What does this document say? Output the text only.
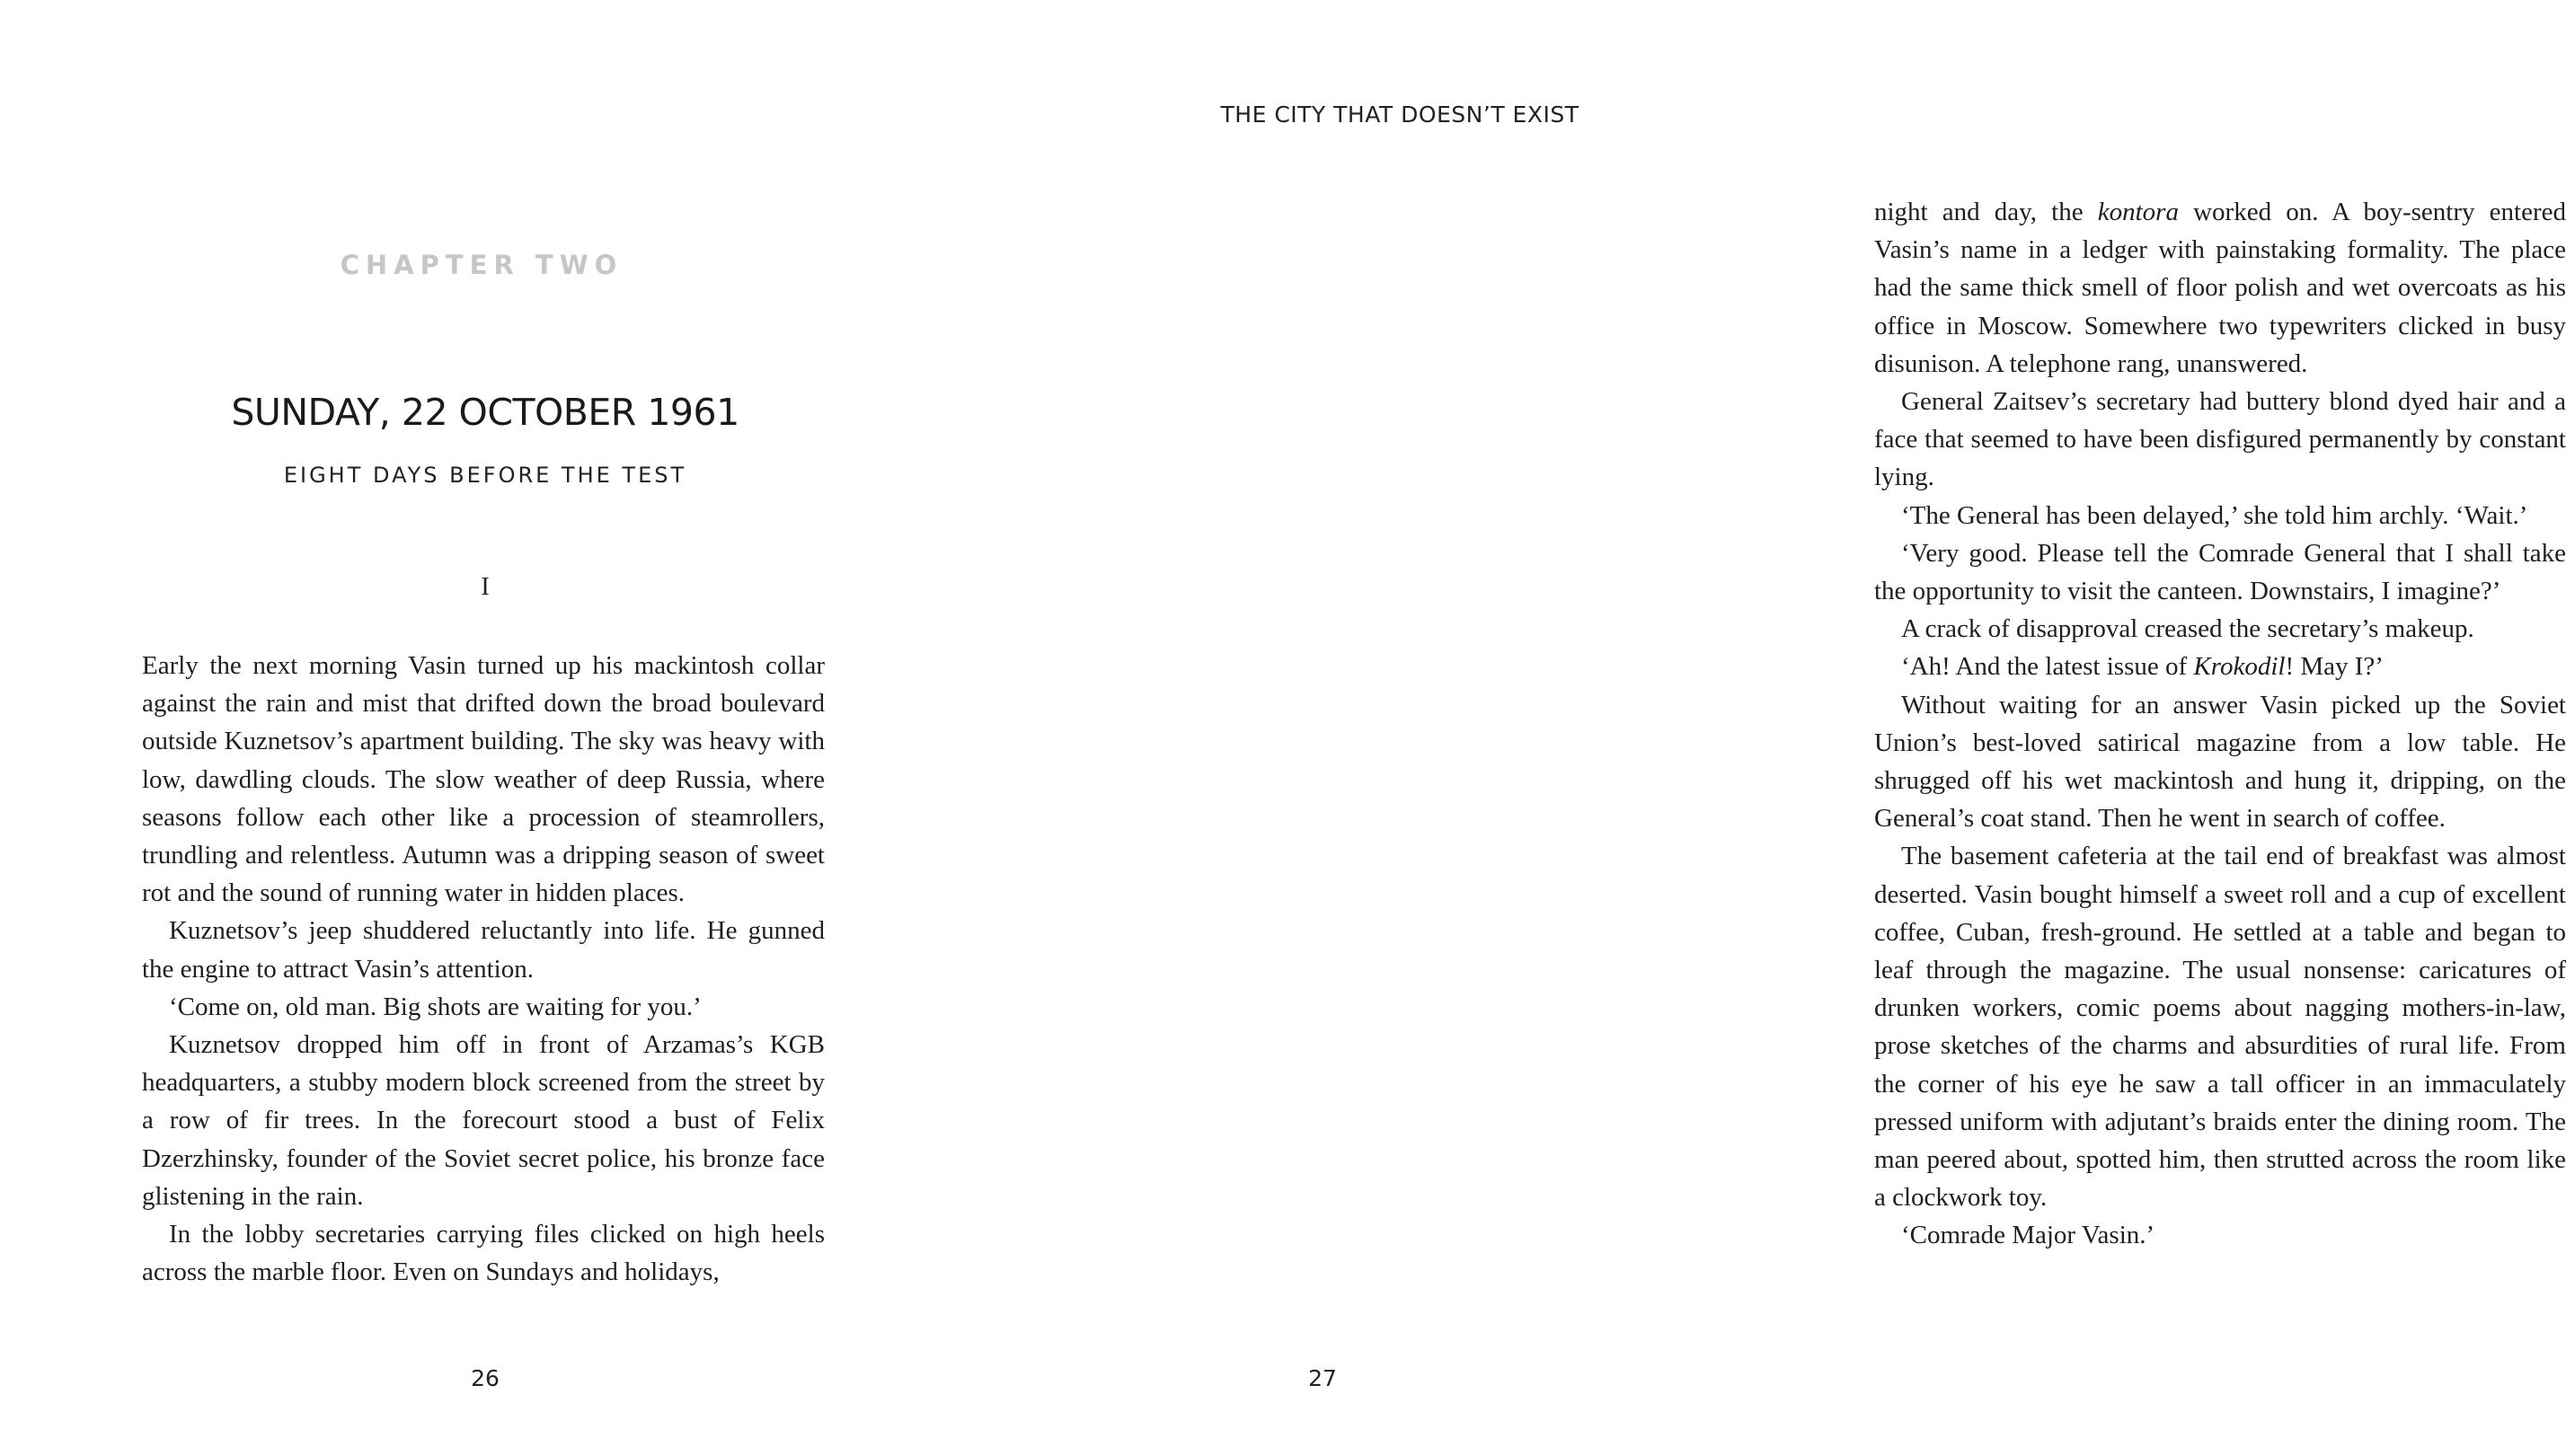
CHAPTER TWO
SUNDAY, 22 OCTOBER 1961
EIGHT DAYS BEFORE THE TEST
I

Early the next morning Vasin turned up his mackintosh collar against the rain and mist that drifted down the broad boulevard outside Kuznetsov’s apartment building. The sky was heavy with low, dawdling clouds. The slow weather of deep Russia, where seasons follow each other like a procession of steamrollers, trundling and relentless. Autumn was a dripping season of sweet rot and the sound of running water in hidden places.

Kuznetsov’s jeep shuddered reluctantly into life. He gunned the engine to attract Vasin’s attention.

‘Come on, old man. Big shots are waiting for you.’

Kuznetsov dropped him off in front of Arzamas’s KGB headquarters, a stubby modern block screened from the street by a row of fir trees. In the forecourt stood a bust of Felix Dzerzhinsky, founder of the Soviet secret police, his bronze face glistening in the rain.

In the lobby secretaries carrying files clicked on high heels across the marble floor. Even on Sundays and holidays,

26
THE CITY THAT DOESN’T EXIST

night and day, the kontora worked on. A boy-sentry entered Vasin’s name in a ledger with painstaking formality. The place had the same thick smell of floor polish and wet overcoats as his office in Moscow. Somewhere two typewriters clicked in busy disunison. A telephone rang, unanswered.

General Zaitsev’s secretary had buttery blond dyed hair and a face that seemed to have been disfigured permanently by constant lying.

‘The General has been delayed,’ she told him archly. ‘Wait.’

‘Very good. Please tell the Comrade General that I shall take the opportunity to visit the canteen. Downstairs, I imagine?’

A crack of disapproval creased the secretary’s makeup.

‘Ah! And the latest issue of Krokodil! May I?’

Without waiting for an answer Vasin picked up the Soviet Union’s best-loved satirical magazine from a low table. He shrugged off his wet mackintosh and hung it, dripping, on the General’s coat stand. Then he went in search of coffee.

The basement cafeteria at the tail end of breakfast was almost deserted. Vasin bought himself a sweet roll and a cup of excellent coffee, Cuban, fresh-ground. He settled at a table and began to leaf through the magazine. The usual nonsense: caricatures of drunken workers, comic poems about nagging mothers-in-law, prose sketches of the charms and absurdities of rural life. From the corner of his eye he saw a tall officer in an immaculately pressed uniform with adjutant’s braids enter the dining room. The man peered about, spotted him, then strutted across the room like a clockwork toy.

‘Comrade Major Vasin.’

27
